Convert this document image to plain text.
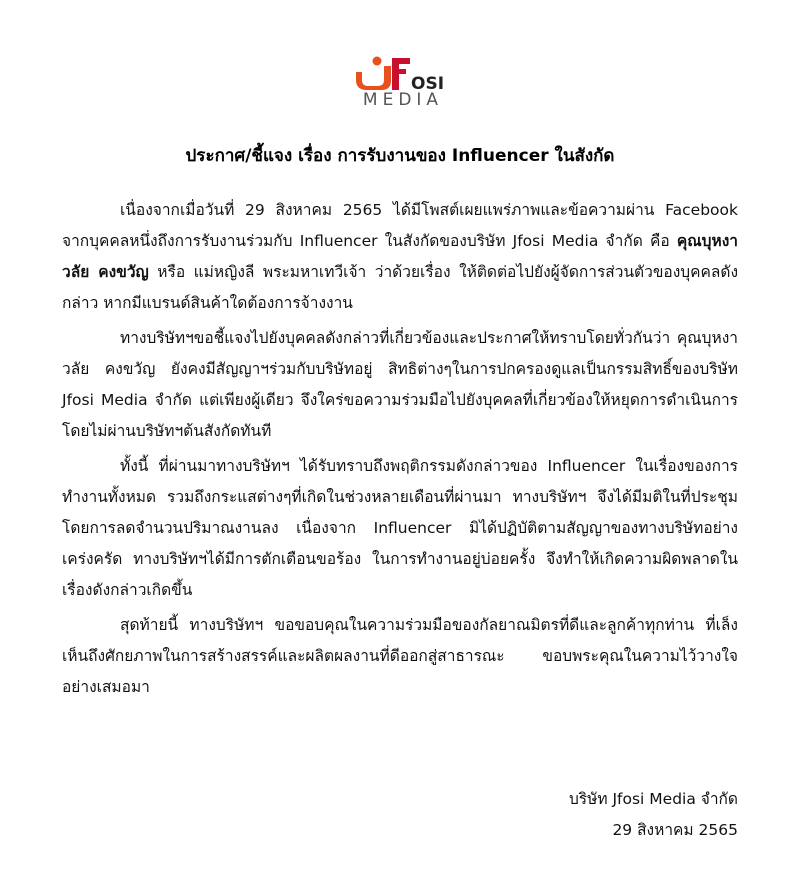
OSI
MEDIA
ประกาศ/ชี้แจง เรื่อง การรับงานของ Influencer ในสังกัด

เนื่องจากเมื่อวันที่ 29 สิงหาคม 2565 ได้มีโพสต์เผยแพร่ภาพและข้อความผ่าน Facebook จากบุคคลหนึ่งถึงการรับงานร่วมกับ Influencer ในสังกัดของบริษัท Jfosi Media จำกัด คือ คุณบุหงาวลัย คงขวัญ หรือ แม่หญิงลี พระมหาเทวีเจ้า ว่าด้วยเรื่อง ให้ติดต่อไปยังผู้จัดการส่วนตัวของบุคคลดังกล่าว หากมีแบรนด์สินค้าใดต้องการจ้างงาน

ทางบริษัทฯขอชี้แจงไปยังบุคคลดังกล่าวที่เกี่ยวข้องและประกาศให้ทราบโดยทั่วกันว่า คุณบุหงาวลัย คงขวัญ ยังคงมีสัญญาฯร่วมกับบริษัทอยู่ สิทธิต่างๆในการปกครองดูแลเป็นกรรมสิทธิ์ของบริษัท Jfosi Media จำกัด แต่เพียงผู้เดียว จึงใคร่ขอความร่วมมือไปยังบุคคลที่เกี่ยวข้องให้หยุดการดำเนินการโดยไม่ผ่านบริษัทฯต้นสังกัดทันที

ทั้งนี้ ที่ผ่านมาทางบริษัทฯ ได้รับทราบถึงพฤติกรรมดังกล่าวของ Influencer ในเรื่องของการทำงานทั้งหมด รวมถึงกระแสต่างๆที่เกิดในช่วงหลายเดือนที่ผ่านมา ทางบริษัทฯ จึงได้มีมติในที่ประชุมโดยการลดจำนวนปริมาณงานลง เนื่องจาก Influencer มิได้ปฏิบัติตามสัญญาของทางบริษัทอย่างเคร่งครัด ทางบริษัทฯได้มีการตักเตือนขอร้อง ในการทำงานอยู่บ่อยครั้ง จึงทำให้เกิดความผิดพลาดในเรื่องดังกล่าวเกิดขึ้น

สุดท้ายนี้ ทางบริษัทฯ ขอขอบคุณในความร่วมมือของกัลยาณมิตรที่ดีและลูกค้าทุกท่าน ที่เล็งเห็นถึงศักยภาพในการสร้างสรรค์และผลิตผลงานที่ดีออกสู่สาธารณะ ขอบพระคุณในความไว้วางใจอย่างเสมอมา

บริษัท Jfosi Media จำกัด
29 สิงหาคม 2565
